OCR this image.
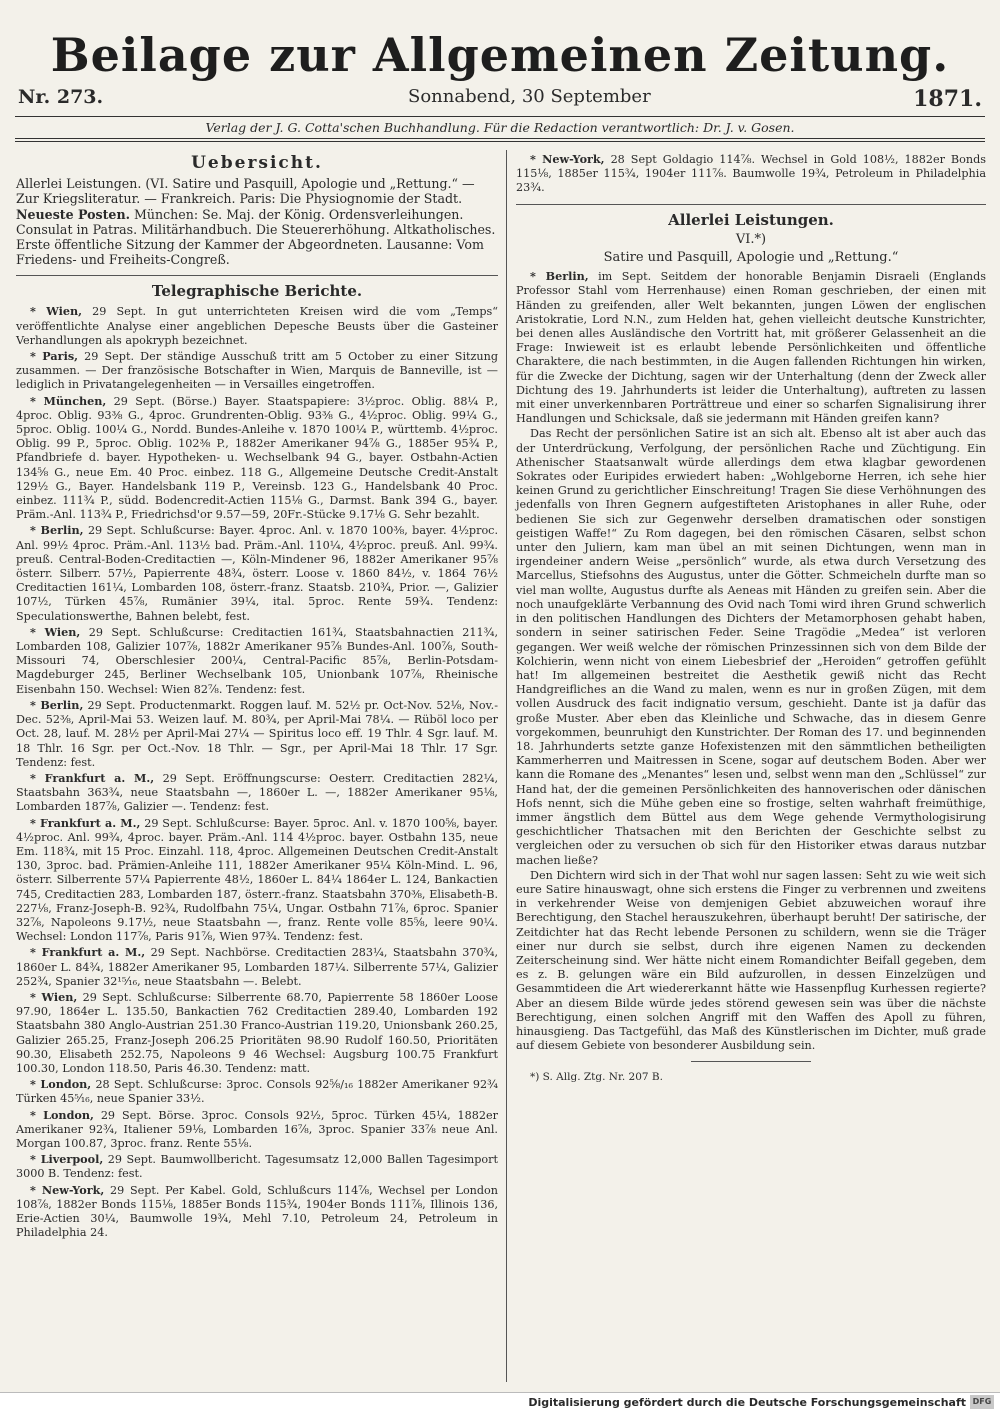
Beilage zur Allgemeinen Zeitung.
Nr. 273.	Sonnabend, 30 September	1871.
Verlag der J. G. Cotta'schen Buchhandlung. Für die Redaction verantwortlich: Dr. J. v. Gosen.
Uebersicht.

Allerlei Leistungen. (VI. Satire und Pasquill, Apologie und „Rettung.“ — Zur Kriegsliteratur. — Frankreich. Paris: Die Physiognomie der Stadt.

Neueste Posten. München: Se. Maj. der König. Ordensverleihungen. Consulat in Patras. Militärhandbuch. Die Steuererhöhung. Altkatholisches. Erste öffentliche Sitzung der Kammer der Abgeordneten. Lausanne: Vom Friedens- und Freiheits-Congreß.

Telegraphische Berichte.

* Wien, 29 Sept. In gut unterrichteten Kreisen wird die vom „Temps“ veröffentlichte Analyse einer angeblichen Depesche Beusts über die Gasteiner Verhandlungen als apokryph bezeichnet.

* Paris, 29 Sept. Der ständige Ausschuß tritt am 5 October zu einer Sitzung zusammen. — Der französische Botschafter in Wien, Marquis de Banneville, ist — lediglich in Privatangelegenheiten — in Versailles eingetroffen.

* München, 29 Sept. (Börse.) Bayer. Staatspapiere: 3½proc. Oblig. 88¼ P., 4proc. Oblig. 93⅜ G., 4proc. Grundrenten-Oblig. 93⅜ G., 4½proc. Oblig. 99¼ G., 5proc. Oblig. 100¼ G., Nordd. Bundes-Anleihe v. 1870 100¼ P., württemb. 4½proc. Oblig. 99 P., 5proc. Oblig. 102⅜ P., 1882er Amerikaner 94⅞ G., 1885er 95¾ P., Pfandbriefe d. bayer. Hypotheken- u. Wechselbank 94 G., bayer. Ostbahn-Actien 134⅝ G., neue Em. 40 Proc. einbez. 118 G., Allgemeine Deutsche Credit-Anstalt 129½ G., Bayer. Handelsbank 119 P., Vereinsb. 123 G., Handelsbank 40 Proc. einbez. 111¾ P., südd. Bodencredit-Actien 115⅛ G., Darmst. Bank 394 G., bayer. Präm.-Anl. 113¾ P., Friedrichsd'or 9.57—59, 20Fr.-Stücke 9.17⅛ G. Sehr bezahlt.

* Berlin, 29 Sept. Schlußcurse: Bayer. 4proc. Anl. v. 1870 100⅜, bayer. 4½proc. Anl. 99½ 4proc. Präm.-Anl. 113½ bad. Präm.-Anl. 110¼, 4½proc. preuß. Anl. 99¾. preuß. Central-Boden-Creditactien —, Köln-Mindener 96, 1882er Amerikaner 95⅞ österr. Silberr. 57½, Papierrente 48¾, österr. Loose v. 1860 84½, v. 1864 76½ Creditactien 161¼, Lombarden 108, österr.-franz. Staatsb. 210¾, Prior. —, Galizier 107½, Türken 45⅞, Rumänier 39¼, ital. 5proc. Rente 59¾. Tendenz: Speculationswerthe, Bahnen belebt, fest.

* Wien, 29 Sept. Schlußcurse: Creditactien 161¾, Staatsbahnactien 211¾, Lombarden 108, Galizier 107⅞, 1882r Amerikaner 95⅞ Bundes-Anl. 100⅞, South-Missouri 74, Oberschlesier 200¼, Central-Pacific 85⅞, Berlin-Potsdam-Magdeburger 245, Berliner Wechselbank 105, Unionbank 107⅞, Rheinische Eisenbahn 150. Wechsel: Wien 82⅞. Tendenz: fest.

* Berlin, 29 Sept. Productenmarkt. Roggen lauf. M. 52½ pr. Oct-Nov. 52⅛, Nov.-Dec. 52⅜, April-Mai 53. Weizen lauf. M. 80¾, per April-Mai 78¼. — Rüböl loco per Oct. 28, lauf. M. 28½ per April-Mai 27¼ — Spiritus loco eff. 19 Thlr. 4 Sgr. lauf. M. 18 Thlr. 16 Sgr. per Oct.-Nov. 18 Thlr. — Sgr., per April-Mai 18 Thlr. 17 Sgr. Tendenz: fest.

* Frankfurt a. M., 29 Sept. Eröffnungscurse: Oesterr. Creditactien 282¼, Staatsbahn 363¾, neue Staatsbahn —, 1860er L. —, 1882er Amerikaner 95⅛, Lombarden 187⅞, Galizier —. Tendenz: fest.

* Frankfurt a. M., 29 Sept. Schlußcurse: Bayer. 5proc. Anl. v. 1870 100⅝, bayer. 4½proc. Anl. 99¾, 4proc. bayer. Präm.-Anl. 114 4½proc. bayer. Ostbahn 135, neue Em. 118¾, mit 15 Proc. Einzahl. 118, 4proc. Allgemeinen Deutschen Credit-Anstalt 130, 3proc. bad. Prämien-Anleihe 111, 1882er Amerikaner 95¼ Köln-Mind. L. 96, österr. Silberrente 57¼ Papierrente 48½, 1860er L. 84¼ 1864er L. 124, Bankactien 745, Creditactien 283, Lombarden 187, österr.-franz. Staatsbahn 370⅜, Elisabeth-B. 227⅛, Franz-Joseph-B. 92¾, Rudolfbahn 75¼, Ungar. Ostbahn 71⅞, 6proc. Spanier 32⅞, Napoleons 9.17½, neue Staatsbahn —, franz. Rente volle 85⅝, leere 90¼. Wechsel: London 117⅞, Paris 91⅞, Wien 97¾. Tendenz: fest.

* Frankfurt a. M., 29 Sept. Nachbörse. Creditactien 283¼, Staatsbahn 370¾, 1860er L. 84¾, 1882er Amerikaner 95, Lombarden 187¼. Silberrente 57¼, Galizier 252¾, Spanier 32¹⁵⁄₁₆, neue Staatsbahn —. Belebt.

* Wien, 29 Sept. Schlußcurse: Silberrente 68.70, Papierrente 58 1860er Loose 97.90, 1864er L. 135.50, Bankactien 762 Creditactien 289.40, Lombarden 192 Staatsbahn 380 Anglo-Austrian 251.30 Franco-Austrian 119.20, Unionsbank 260.25, Galizier 265.25, Franz-Joseph 206.25 Prioritäten 98.90 Rudolf 160.50, Prioritäten 90.30, Elisabeth 252.75, Napoleons 9 46 Wechsel: Augsburg 100.75 Frankfurt 100.30, London 118.50, Paris 46.30. Tendenz: matt.

* London, 28 Sept. Schlußcurse: 3proc. Consols 92⅝/₁₆ 1882er Amerikaner 92¾ Türken 45⁵⁄₁₆, neue Spanier 33½.

* London, 29 Sept. Börse. 3proc. Consols 92½, 5proc. Türken 45¼, 1882er Amerikaner 92¾, Italiener 59⅛, Lombarden 16⅞, 3proc. Spanier 33⅞ neue Anl. Morgan 100.87, 3proc. franz. Rente 55⅛.

* Liverpool, 29 Sept. Baumwollbericht. Tagesumsatz 12,000 Ballen Tagesimport 3000 B. Tendenz: fest.

* New-York, 29 Sept. Per Kabel. Gold, Schlußcurs 114⅞, Wechsel per London 108⅞, 1882er Bonds 115⅛, 1885er Bonds 115¾, 1904er Bonds 111⅞, Illinois 136, Erie-Actien 30¼, Baumwolle 19¾, Mehl 7.10, Petroleum 24, Petroleum in Philadelphia 24.

* New-York, 28 Sept Goldagio 114⅞. Wechsel in Gold 108½, 1882er Bonds 115⅛, 1885er 115¾, 1904er 111⅞. Baumwolle 19¾, Petroleum in Philadelphia 23¾.

Allerlei Leistungen.
VI.*)
Satire und Pasquill, Apologie und „Rettung.“

* Berlin, im Sept. Seitdem der honorable Benjamin Disraeli (Englands Professor Stahl vom Herrenhause) einen Roman geschrieben, der einen mit Händen zu greifenden, aller Welt bekannten, jungen Löwen der englischen Aristokratie, Lord N.N., zum Helden hat, gehen vielleicht deutsche Kunstrichter, bei denen alles Ausländische den Vortritt hat, mit größerer Gelassenheit an die Frage: Inwieweit ist es erlaubt lebende Persönlichkeiten und öffentliche Charaktere, die nach bestimmten, in die Augen fallenden Richtungen hin wirken, für die Zwecke der Dichtung, sagen wir der Unterhaltung (denn der Zweck aller Dichtung des 19. Jahrhunderts ist leider die Unterhaltung), auftreten zu lassen mit einer unverkennbaren Porträttreue und einer so scharfen Signalisirung ihrer Handlungen und Schicksale, daß sie jedermann mit Händen greifen kann?

Das Recht der persönlichen Satire ist an sich alt. Ebenso alt ist aber auch das der Unterdrückung, Verfolgung, der persönlichen Rache und Züchtigung. Ein Athenischer Staatsanwalt würde allerdings dem etwa klagbar gewordenen Sokrates oder Euripides erwiedert haben: „Wohlgeborne Herren, ich sehe hier keinen Grund zu gerichtlicher Einschreitung! Tragen Sie diese Verhöhnungen des jedenfalls von Ihren Gegnern aufgestifteten Aristophanes in aller Ruhe, oder bedienen Sie sich zur Gegenwehr derselben dramatischen oder sonstigen geistigen Waffe!“ Zu Rom dagegen, bei den römischen Cäsaren, selbst schon unter den Juliern, kam man übel an mit seinen Dichtungen, wenn man in irgendeiner andern Weise „persönlich“ wurde, als etwa durch Versetzung des Marcellus, Stiefsohns des Augustus, unter die Götter. Schmeicheln durfte man so viel man wollte, Augustus durfte als Aeneas mit Händen zu greifen sein. Aber die noch unaufgeklärte Verbannung des Ovid nach Tomi wird ihren Grund schwerlich in den politischen Handlungen des Dichters der Metamorphosen gehabt haben, sondern in seiner satirischen Feder. Seine Tragödie „Medea“ ist verloren gegangen. Wer weiß welche der römischen Prinzessinnen sich von dem Bilde der Kolchierin, wenn nicht von einem Liebesbrief der „Heroiden“ getroffen gefühlt hat! Im allgemeinen bestreitet die Aesthetik gewiß nicht das Recht Handgreifliches an die Wand zu malen, wenn es nur in großen Zügen, mit dem vollen Ausdruck des facit indignatio versum, geschieht. Dante ist ja dafür das große Muster. Aber eben das Kleinliche und Schwache, das in diesem Genre vorgekommen, beunruhigt den Kunstrichter. Der Roman des 17. und beginnenden 18. Jahrhunderts setzte ganze Hofexistenzen mit den sämmtlichen betheiligten Kammerherren und Maitressen in Scene, sogar auf deutschem Boden. Aber wer kann die Romane des „Menantes“ lesen und, selbst wenn man den „Schlüssel“ zur Hand hat, der die gemeinen Persönlichkeiten des hannoverischen oder dänischen Hofs nennt, sich die Mühe geben eine so frostige, selten wahrhaft freimüthige, immer ängstlich dem Büttel aus dem Wege gehende Vermythologisirung geschichtlicher Thatsachen mit den Berichten der Geschichte selbst zu vergleichen oder zu versuchen ob sich für den Historiker etwas daraus nutzbar machen ließe?

Den Dichtern wird sich in der That wohl nur sagen lassen: Seht zu wie weit sich eure Satire hinauswagt, ohne sich erstens die Finger zu verbrennen und zweitens in verkehrender Weise von demjenigen Gebiet abzuweichen worauf ihre Berechtigung, den Stachel herauszukehren, überhaupt beruht! Der satirische, der Zeitdichter hat das Recht lebende Personen zu schildern, wenn sie die Träger einer nur durch sie selbst, durch ihre eigenen Namen zu deckenden Zeiterscheinung sind. Wer hätte nicht einem Romandichter Beifall gegeben, dem es z. B. gelungen wäre ein Bild aufzurollen, in dessen Einzelzügen und Gesammtideen die Art wiedererkannt hätte wie Hassenpflug Kurhessen regierte? Aber an diesem Bilde würde jedes störend gewesen sein was über die nächste Berechtigung, einen solchen Angriff mit den Waffen des Apoll zu führen, hinausgieng. Das Tactgefühl, das Maß des Künstlerischen im Dichter, muß grade auf diesem Gebiete von besonderer Ausbildung sein.

*) S. Allg. Ztg. Nr. 207 B.

Digitalisierung gefördert durch die Deutsche Forschungsgemeinschaft DFG
